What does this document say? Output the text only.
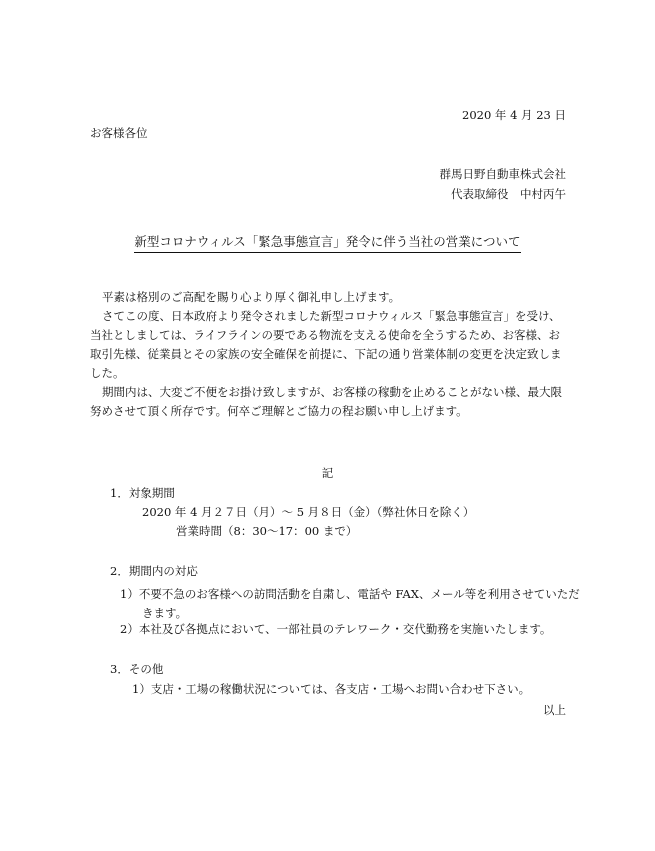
2020 年 4 月 23 日
お客様各位
群馬日野自動車株式会社
代表取締役　中村丙午
新型コロナウィルス「緊急事態宣言」発令に伴う当社の営業について
平素は格別のご高配を賜り心より厚く御礼申し上げます。
さてこの度、日本政府より発令されました新型コロナウィルス「緊急事態宣言」を受け、当社としましては、ライフラインの要である物流を支える使命を全うするため、お客様、お取引先様、従業員とその家族の安全確保を前提に、下記の通り営業体制の変更を決定致しました。
期間内は、大変ご不便をお掛け致しますが、お客様の稼動を止めることがない様、最大限努めさせて頂く所存です。何卒ご理解とご協力の程お願い申し上げます。
記
1．対象期間
2020 年 4 月２７日（月）～ 5 月８日（金）（弊社休日を除く）
営業時間（8：30～17：00 まで）
2．期間内の対応
1）不要不急のお客様への訪問活動を自粛し、電話や FAX、メール等を利用させていただきます。
2）本社及び各拠点において、一部社員のテレワーク・交代勤務を実施いたします。
3．その他
1）支店・工場の稼働状況については、各支店・工場へお問い合わせ下さい。
以上
